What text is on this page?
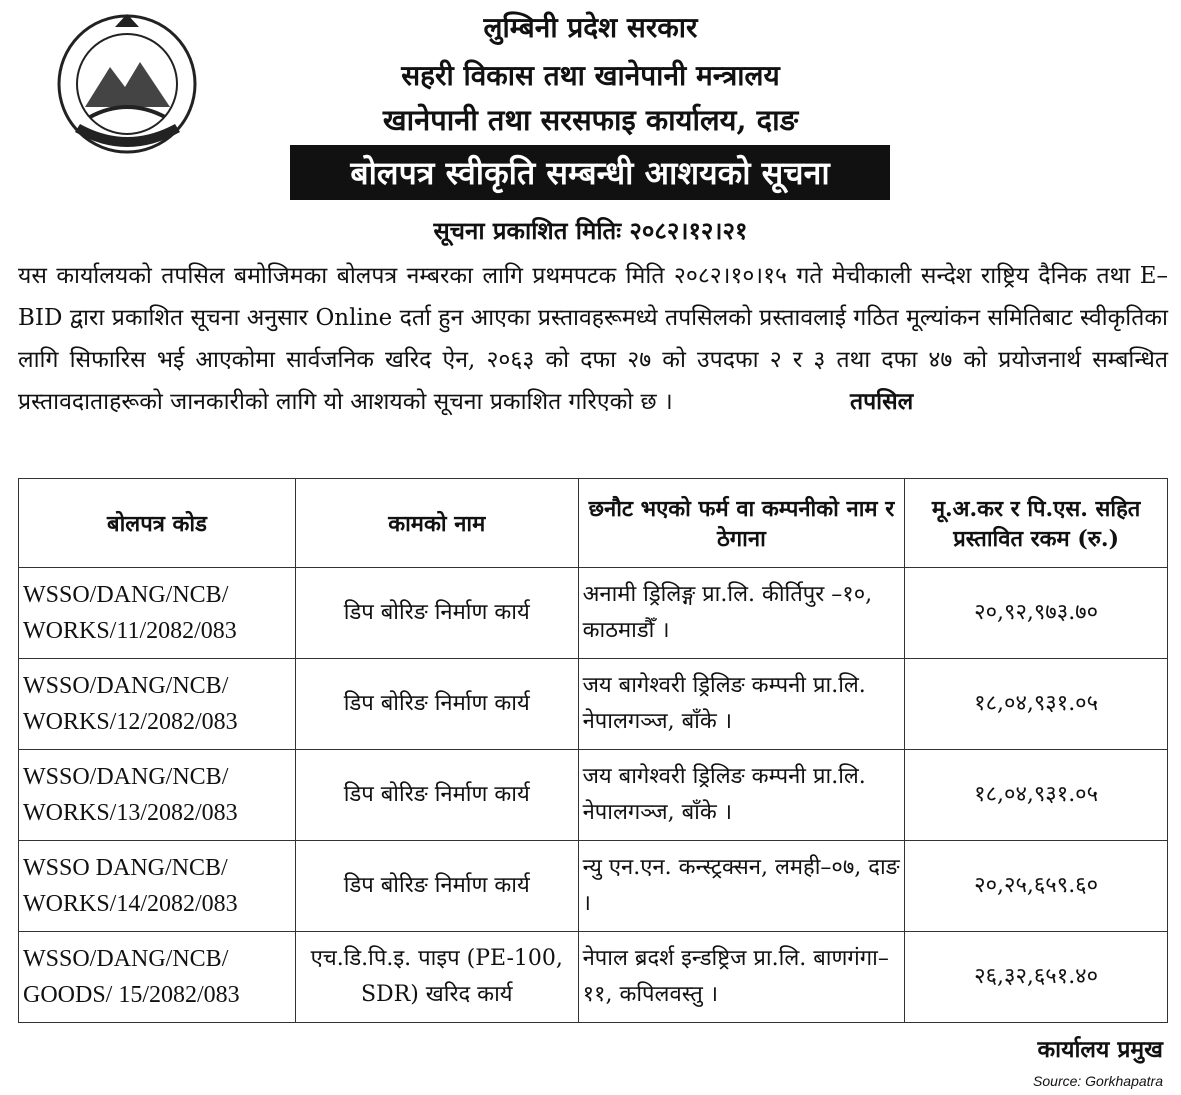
लुम्बिनी प्रदेश सरकार
सहरी विकास तथा खानेपानी मन्त्रालय
खानेपानी तथा सरसफाइ कार्यालय, दाङ
बोलपत्र स्वीकृति सम्बन्धी आशयको सूचना
सूचना प्रकाशित मितिः २०८२।१२।२१
यस कार्यालयको तपसिल बमोजिमका बोलपत्र नम्बरका लागि प्रथमपटक मिति २०८२।१०।१५ गते मेचीकाली सन्देश राष्ट्रिय दैनिक तथा E–BID द्वारा प्रकाशित सूचना अनुसार Online दर्ता हुन आएका प्रस्तावहरूमध्ये तपसिलको प्रस्तावलाई गठित मूल्यांकन समितिबाट स्वीकृतिका लागि सिफारिस भई आएकोमा सार्वजनिक खरिद ऐन, २०६३ को दफा २७ को उपदफा २ र ३ तथा दफा ४७ को प्रयोजनार्थ सम्बन्धित प्रस्तावदाताहरूको जानकारीको लागि यो आशयको सूचना प्रकाशित गरिएको छ ।	तपसिल
बोलपत्र कोड	कामको नाम	छनौट भएको फर्म वा कम्पनीको नाम र ठेगाना	मू.अ.कर र पि.एस. सहित प्रस्तावित रकम (रु.)
WSSO/DANG/NCB/ WORKS/11/2082/083	डिप बोरिङ निर्माण कार्य	अनामी ड्रिलिङ्ग प्रा.लि. कीर्तिपुर –१०, काठमाडौँ ।	२०,९२,९७३.७०
WSSO/DANG/NCB/ WORKS/12/2082/083	डिप बोरिङ निर्माण कार्य	जय बागेश्वरी ड्रिलिङ कम्पनी प्रा.लि. नेपालगञ्ज, बाँके ।	१८,०४,९३१.०५
WSSO/DANG/NCB/ WORKS/13/2082/083	डिप बोरिङ निर्माण कार्य	जय बागेश्वरी ड्रिलिङ कम्पनी प्रा.लि. नेपालगञ्ज, बाँके ।	१८,०४,९३१.०५
WSSO DANG/NCB/ WORKS/14/2082/083	डिप बोरिङ निर्माण कार्य	न्यु एन.एन. कन्स्ट्रक्सन, लमही–०७, दाङ ।	२०,२५,६५९.६०
WSSO/DANG/NCB/ GOODS/ 15/2082/083	एच.डि.पि.इ. पाइप (PE-100, SDR) खरिद कार्य	नेपाल ब्रदर्श इन्डष्ट्रिज प्रा.लि. बाणगंगा–११, कपिलवस्तु ।	२६,३२,६५१.४०
कार्यालय प्रमुख
Source: Gorkhapatra
